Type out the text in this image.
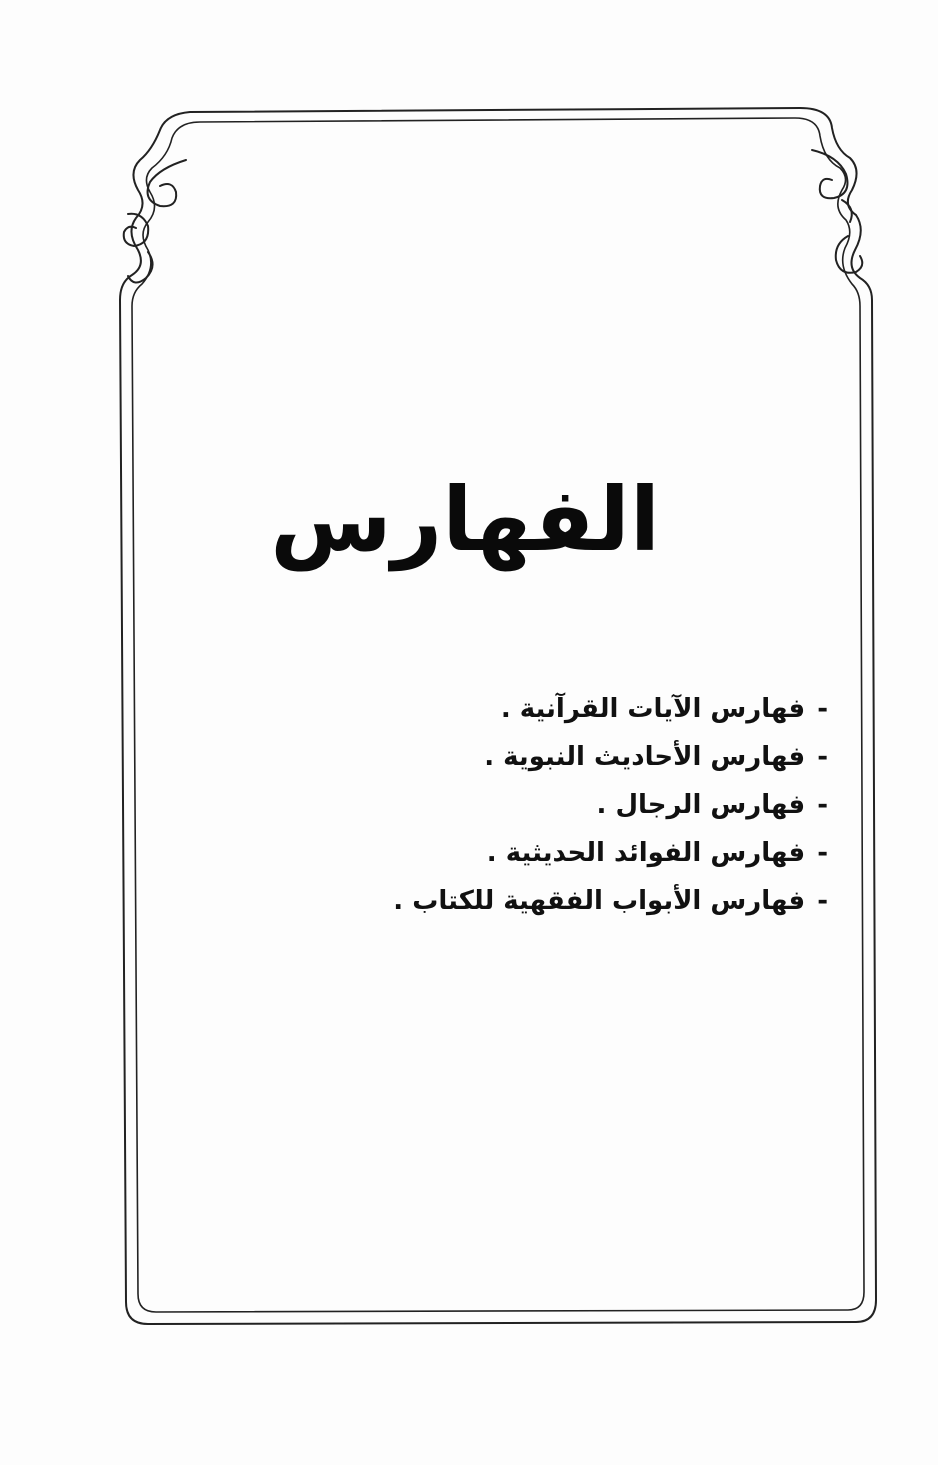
الفهارس
-فهارس الآيات القرآنية .
-فهارس الأحاديث النبوية .
-فهارس الرجال .
-فهارس الفوائد الحديثية .
-فهارس الأبواب الفقهية للكتاب .
